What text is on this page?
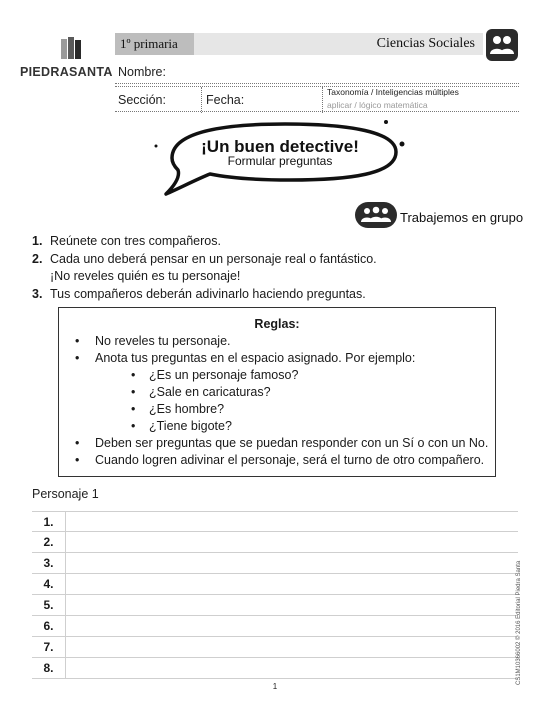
PIEDRASANTA
1º primaria	Ciencias Sociales
Nombre:
Sección:	Fecha:
Taxonomía / Inteligencias múltiples
aplicar / lógico matemática
¡Un buen detective!
Formular preguntas
Trabajemos en grupo
1. Reúnete con tres compañeros.
2. Cada uno deberá pensar en un personaje real o fantástico.
¡No reveles quién es tu personaje!
3. Tus compañeros deberán adivinarlo haciendo preguntas.
Reglas:
• No reveles tu personaje.
• Anota tus preguntas en el espacio asignado. Por ejemplo:
• ¿Es un personaje famoso?
• ¿Sale en caricaturas?
• ¿Es hombre?
• ¿Tiene bigote?
• Deben ser preguntas que se puedan responder con un Sí o con un No.
• Cuando logren adivinar el personaje, será el turno de otro compañero.
Personaje 1
1.
2.
3.
4.
5.
6.
7.
8.	CS1M10366002 © 2016 Editorial Piedra Santa
1
